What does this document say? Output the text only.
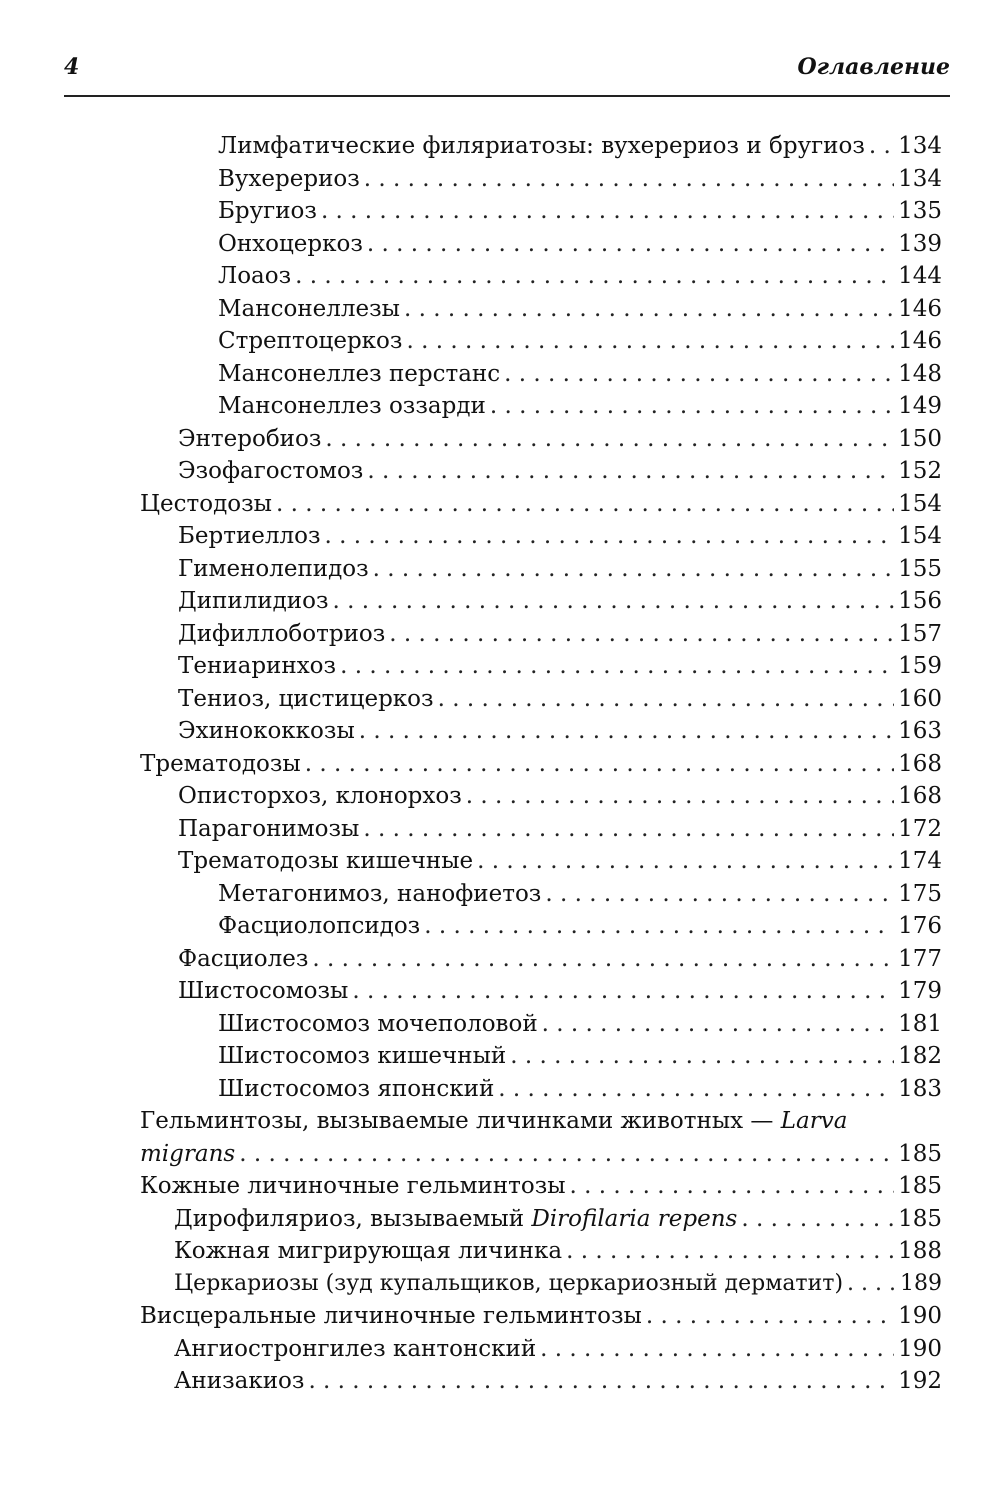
4	Оглавление
Лимфатические филяриатозы: вухерериоз и бругиоз . . . 134
Вухерериоз . . .	134
Бругиоз . . .	135
Онхоцеркоз . . .	139
Лоаоз . . .	144
Мансонеллезы . . .	146
Стрептоцеркоз . . .	146
Мансонеллез перстанс . . .	148
Мансонеллез оззарди . . .	149
Энтеробиоз . . .	150
Эзофагостомоз . . .	152
Цестодозы . . .	154
Бертиеллоз . . .	154
Гименолепидоз . . .	155
Дипилидиоз . . .	156
Дифиллоботриоз . . .	157
Тениаринхоз . . .	159
Тениоз, цистицеркоз . . .	160
Эхинококкозы . . .	163
Трематодозы . . .	168
Описторхоз, клонорхоз . . .	168
Парагонимозы . . .	172
Трематодозы кишечные . . .	174
Метагонимоз, нанофиетоз . . .	175
Фасциолопсидоз . . .	176
Фасциолез . . .	177
Шистосомозы . . .	179
Шистосомоз мочеполовой . . .	181
Шистосомоз кишечный . . .	182
Шистосомоз японский . . .	183
Гельминтозы, вызываемые личинками животных — Larva
migrans . . .	185
Кожные личиночные гельминтозы . . .	185
Дирофиляриоз, вызываемый Dirofilaria repens . . .	185
Кожная мигрирующая личинка . . .	188
Церкариозы (зуд купальщиков, церкариозный дерматит) . . .	189
Висцеральные личиночные гельминтозы . . .	190
Ангиостронгилез кантонский . . .	190
Анизакиоз . . .	192
